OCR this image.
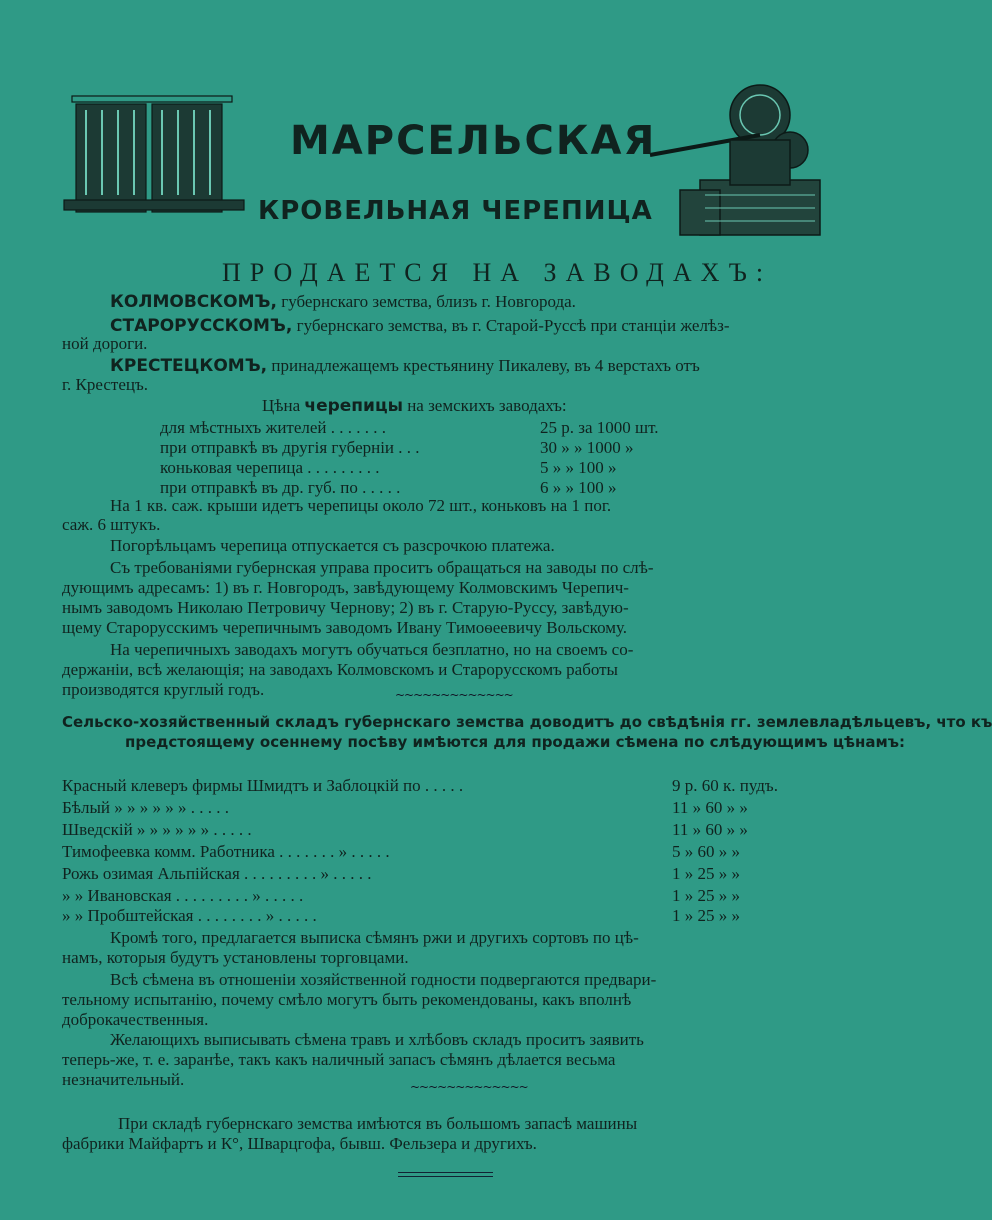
МАРСЕЛЬСКАЯ
КРОВЕЛЬНАЯ ЧЕРЕПИЦА
ПРОДАЕТСЯ НА ЗАВОДАХЪ:
КОЛМОВСКОМЪ, губернскаго земства, близъ г. Новгорода.
СТАРОРУССКОМЪ, губернскаго земства, въ г. Старой-Руссѣ при станціи желѣз-
ной дороги.
КРЕСТЕЦКОМЪ, принадлежащемъ крестьянину Пикалеву, въ 4 верстахъ отъ
г. Крестецъ.
Цѣна черепицы на земскихъ заводахъ:
для мѣстныхъ жителей . . . . . . .	25 р. за 1000 шт.
при отправкѣ въ другія губерніи . . .	30 » » 1000 »
коньковая черепица . . . . . . . . .	5 » » 100 »
при отправкѣ въ др. губ. по . . . . .	6 » » 100 »
На 1 кв. саж. крыши идетъ черепицы около 72 шт., коньковъ на 1 пог.
саж. 6 штукъ.
Погорѣльцамъ черепица отпускается съ разсрочкою платежа.
Съ требованіями губернская управа проситъ обращаться на заводы по слѣ-
дующимъ адресамъ: 1) въ г. Новгородъ, завѣдующему Колмовскимъ Черепич-
нымъ заводомъ Николаю Петровичу Чернову; 2) въ г. Старую-Руссу, завѣдую-
щему Старорусскимъ черепичнымъ заводомъ Ивану Тимоѳеевичу Вольскому.
На черепичныхъ заводахъ могутъ обучаться безплатно, но на своемъ со-
держаніи, всѣ желающія; на заводахъ Колмовскомъ и Старорусскомъ работы
производятся круглый годъ.	~~~~~~~~~~~~~
Сельско-хозяйственный складъ губернскаго земства доводитъ до свѣдѣнія гг. землевладѣльцевъ, что къ
предстоящему осеннему посѣву имѣются для продажи сѣмена по слѣдующимъ цѣнамъ:
Красный клеверъ фирмы Шмидтъ и Заблоцкій по . . . . .	9 р. 60 к. пудъ.
Бѣлый » » » » » » . . . . .	11 » 60 » »
Шведскій » » » » » » . . . . .	11 » 60 » »
Тимофеевка комм. Работника . . . . . . . » . . . . .	5 » 60 » »
Рожь озимая Альпійская . . . . . . . . . » . . . . .	1 » 25 » »
» » Ивановская . . . . . . . . . » . . . . .	1 » 25 » »
» » Пробштейская . . . . . . . . » . . . . .	1 » 25 » »
Кромѣ того, предлагается выписка сѣмянъ ржи и другихъ сортовъ по цѣ-
намъ, которыя будутъ установлены торговцами.
Всѣ сѣмена въ отношеніи хозяйственной годности подвергаются предвари-
тельному испытанію, почему смѣло могутъ быть рекомендованы, какъ вполнѣ
доброкачественныя.
Желающихъ выписывать сѣмена травъ и хлѣбовъ складъ проситъ заявить
теперь-же, т. е. заранѣе, такъ какъ наличный запасъ сѣмянъ дѣлается весьма
незначительный.	~~~~~~~~~~~~~
При складѣ губернскаго земства имѣются въ большомъ запасѣ машины
фабрики Майфартъ и К°, Шварцгофа, бывш. Фельзера и другихъ.
